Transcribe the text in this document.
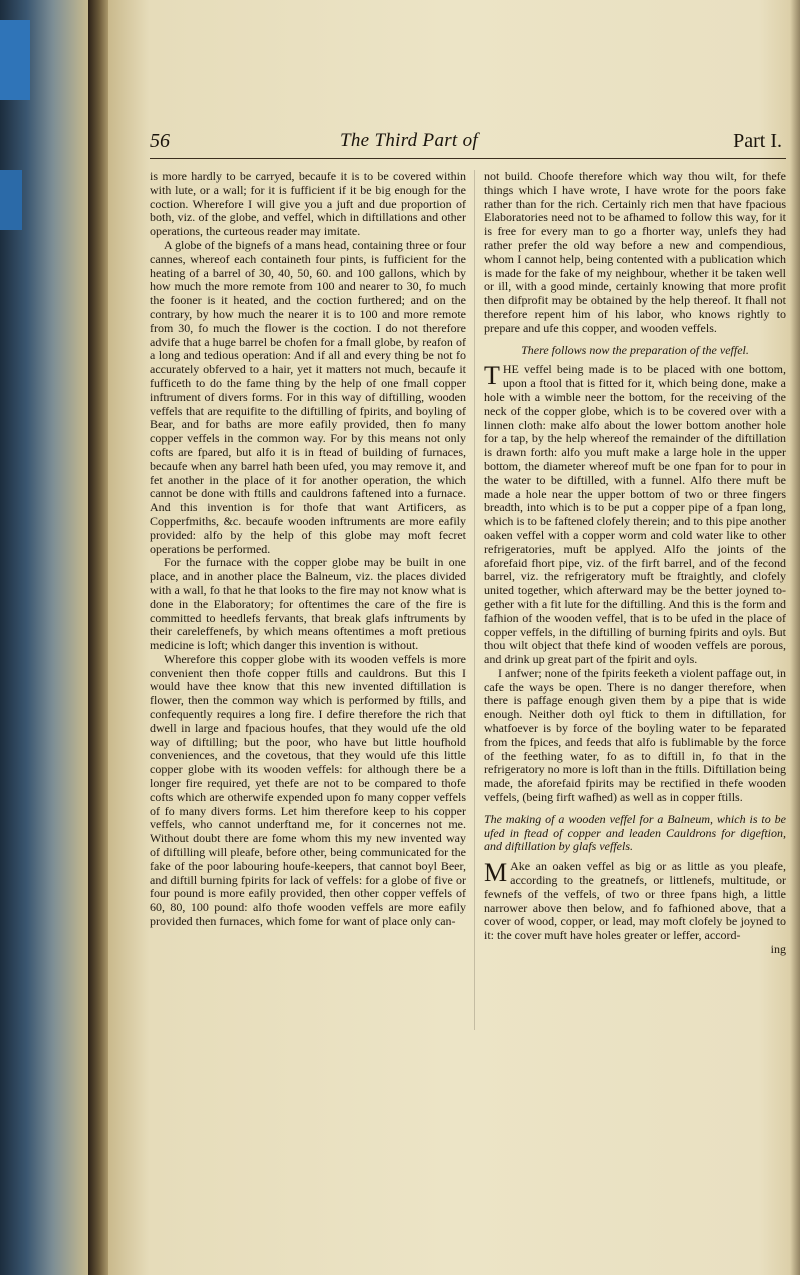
56	The Third Part of	Part I.

is more hardly to be carryed, becaufe it is to be covered within with lute, or a wall; for it is fufficient if it be big enough for the coction. Wherefore I will give you a juft and due proportion of both, viz. of the globe, and veffel, which in diftillations and other operations, the curteous reader may imitate.

A globe of the bignefs of a mans head, containing three or four cannes, whereof each containeth four pints, is fufficient for the heating of a barrel of 30, 40, 50, 60. and 100 gallons, which by how much the more remote from 100 and nearer to 30, fo much the fooner is it heated, and the coction furthered; and on the contrary, by how much the nearer it is to 100 and more remote from 30, fo much the flower is the coction. I do not therefore advife that a huge barrel be chofen for a fmall globe, by reafon of a long and tedious operation: And if all and every thing be not fo accurately obferved to a hair, yet it matters not much, becaufe it fufficeth to do the fame thing by the help of one fmall copper inftrument of divers forms. For in this way of diftilling, wooden veffels that are requifite to the diftilling of fpirits, and boyling of Bear, and for baths are more eafily provided, then fo many copper veffels in the common way. For by this means not only cofts are fpared, but alfo it is in ftead of building of furnaces, becaufe when any barrel hath been ufed, you may remove it, and fet another in the place of it for another operation, the which cannot be done with ftills and cauldrons faftened into a furnace. And this invention is for thofe that want Artificers, as Copperfmiths, &c. becaufe wooden inftruments are more eafily provided: alfo by the help of this globe may moft fecret operations be performed.

For the furnace with the copper globe may be built in one place, and in another place the Balneum, viz. the places divided with a wall, fo that he that looks to the fire may not know what is done in the Elaboratory; for oftentimes the care of the fire is committed to heedlefs fervants, that break glafs inftruments by their careleffenefs, by which means oftentimes a moft pretious medicine is loft; which danger this invention is without.

Wherefore this copper globe with its wooden veffels is more convenient then thofe copper ftills and cauldrons. But this I would have thee know that this new invented diftillation is flower, then the common way which is performed by ftills, and confequently requires a long fire. I defire therefore the rich that dwell in large and fpacious houfes, that they would ufe the old way of diftilling; but the poor, who have but little houfhold conveniences, and the covetous, that they would ufe this little copper globe with its wooden veffels: for although there be a longer fire required, yet thefe are not to be compared to thofe cofts which are otherwife expended upon fo many copper veffels of fo many divers forms. Let him therefore keep to his copper veffels, who cannot underftand me, for it concernes not me. Without doubt there are fome whom this my new invented way of diftilling will pleafe, before other, being communicated for the fake of the poor labouring houfe-keepers, that cannot boyl Beer, and diftill burning fpirits for lack of veffels: for a globe of five or four pound is more eafily provided, then other copper veffels of 60, 80, 100 pound: alfo thofe wooden veffels are more eafily provided then furnaces, which fome for want of place only can-

not build. Choofe therefore which way thou wilt, for thefe things which I have wrote, I have wrote for the poors fake rather than for the rich. Certainly rich men that have fpacious Elaboratories need not to be afhamed to follow this way, for it is free for every man to go a fhorter way, unlefs they had rather prefer the old way before a new and compendious, whom I cannot help, being contented with a publication which is made for the fake of my neighbour, whether it be taken well or ill, with a good minde, certainly knowing that more profit then difprofit may be obtained by the help thereof. It fhall not therefore repent him of his labor, who knows rightly to prepare and ufe this copper, and wooden veffels.

There follows now the preparation of the veffel.

THE veffel being made is to be placed with one bottom, upon a ftool that is fitted for it, which being done, make a hole with a wimble neer the bottom, for the receiving of the neck of the copper globe, which is to be covered over with a linnen cloth: make alfo about the lower bottom another hole for a tap, by the help whereof the remainder of the diftillation is drawn forth: alfo you muft make a large hole in the upper bottom, the diameter whereof muft be one fpan for to pour in the water to be diftilled, with a funnel. Alfo there muft be made a hole near the upper bottom of two or three fingers breadth, into which is to be put a copper pipe of a fpan long, which is to be faftened clofely therein; and to this pipe another oaken veffel with a copper worm and cold water like to other refrigeratories, muft be applyed. Alfo the joints of the aforefaid fhort pipe, viz. of the firft barrel, and of the fecond barrel, viz. the refrigeratory muft be ftraightly, and clofely united together, which afterward may be the better joyned together with a fit lute for the diftilling. And this is the form and fafhion of the wooden veffel, that is to be ufed in the place of copper veffels, in the diftilling of burning fpirits and oyls. But thou wilt object that thefe kind of wooden veffels are porous, and drink up great part of the fpirit and oyls.

I anfwer; none of the fpirits feeketh a violent paffage out, in cafe the ways be open. There is no danger therefore, when there is paffage enough given them by a pipe that is wide enough. Neither doth oyl ftick to them in diftillation, for whatfoever is by force of the boyling water to be feparated from the fpices, and feeds that alfo is fublimable by the force of the feething water, fo as to diftill in, fo that in the refrigeratory no more is loft than in the ftills. Diftillation being made, the aforefaid fpirits may be rectified in thefe wooden veffels, (being firft wafhed) as well as in copper ftills.

The making of a wooden veffel for a Balneum, which is to be ufed in ftead of copper and leaden Cauldrons for digeftion, and diftillation by glafs veffels.

M Ake an oaken veffel as big or as little as you pleafe, according to the greatnefs, or littlenefs, multitude, or fewnefs of the veffels, of two or three fpans high, a little narrower above then below, and fo fafhioned above, that a cover of wood, copper, or lead, may moft clofely be joyned to it: the cover muft have holes greater or leffer, accord-

ing
